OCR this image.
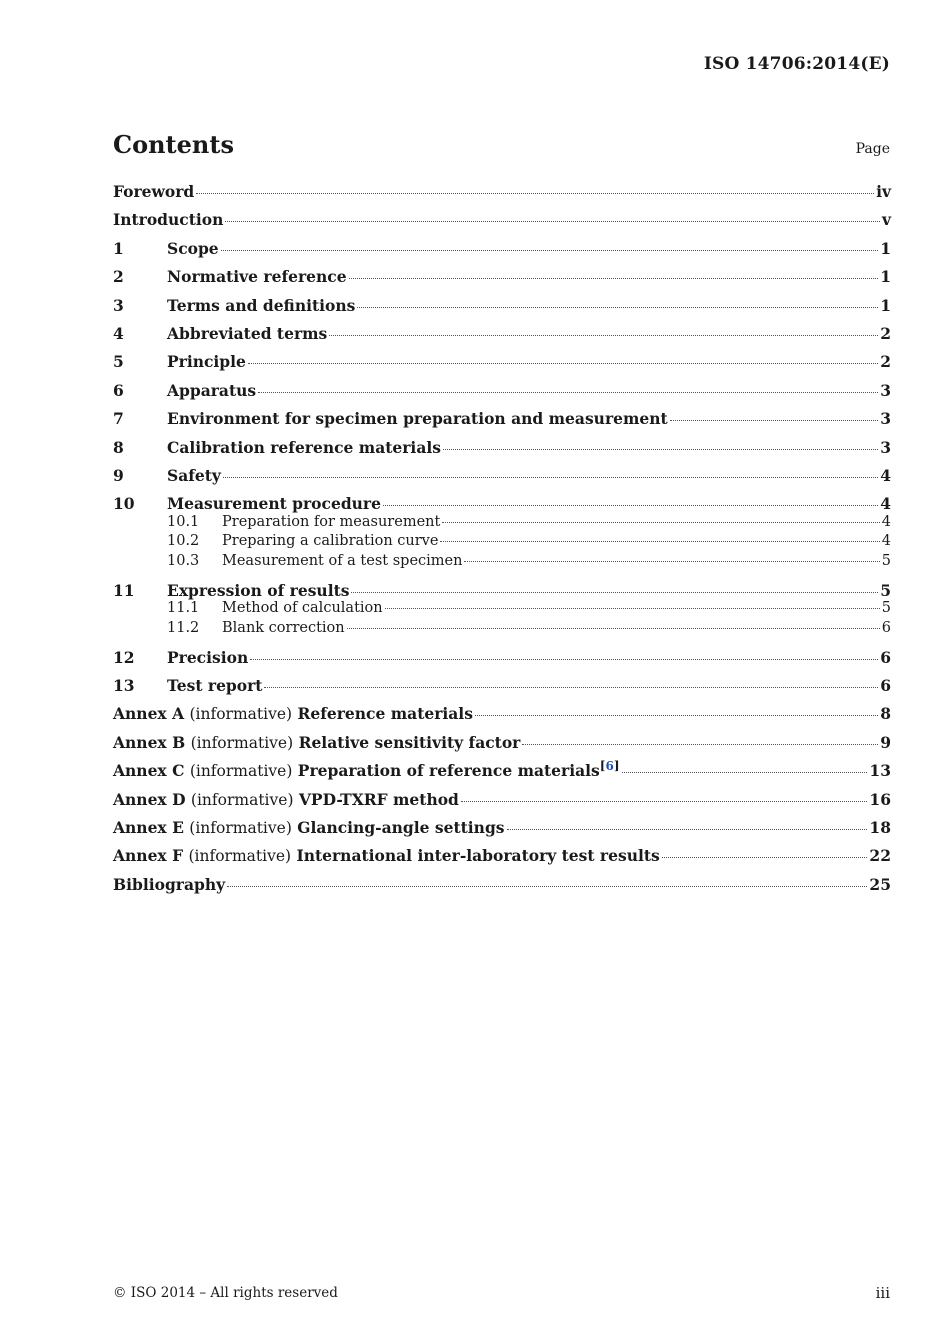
ISO 14706:2014(E)
Contents	Page
Foreword	iv
Introduction	v
1	Scope	1
2	Normative reference	1
3	Terms and definitions	1
4	Abbreviated terms	2
5	Principle	2
6	Apparatus	3
7	Environment for specimen preparation and measurement	3
8	Calibration reference materials	3
9	Safety	4
10	Measurement procedure	4
10.1	Preparation for measurement	4
10.2	Preparing a calibration curve	4
10.3	Measurement of a test specimen	5
11	Expression of results	5
11.1	Method of calculation	5
11.2	Blank correction	6
12	Precision	6
13	Test report	6
Annex A (informative) Reference materials	8
Annex B (informative) Relative sensitivity factor	9
Annex C (informative) Preparation of reference materials[6]	13
Annex D (informative) VPD-TXRF method	16
Annex E (informative) Glancing-angle settings	18
Annex F (informative) International inter-laboratory test results	22
Bibliography	25
© ISO 2014 – All rights reserved	iii
